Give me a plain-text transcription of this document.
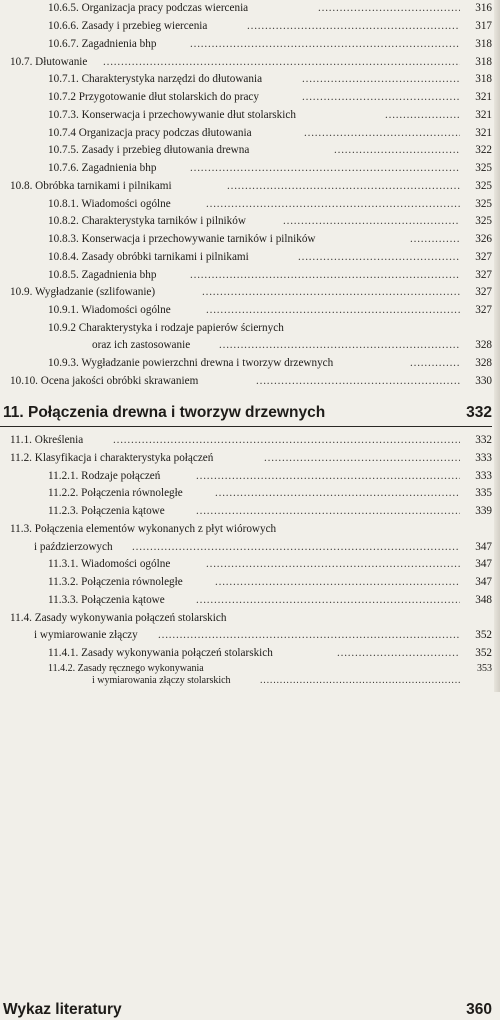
10.6.5. Organizacja pracy podczas wiercenia .....	316
10.6.6. Zasady i przebieg wiercenia .....	317
10.6.7. Zagadnienia bhp .....	318
10.7. Dłutowanie .....	318
10.7.1. Charakterystyka narzędzi do dłutowania .....	318
10.7.2 Przygotowanie dłut stolarskich do pracy .....	321
10.7.3. Konserwacja i przechowywanie dłut stolarskich .....	321
10.7.4 Organizacja pracy podczas dłutowania .....	321
10.7.5. Zasady i przebieg dłutowania drewna .....	322
10.7.6. Zagadnienia bhp .....	325
10.8. Obróbka tarnikami i pilnikami .....	325
10.8.1. Wiadomości ogólne .....	325
10.8.2. Charakterystyka tarników i pilników .....	325
10.8.3. Konserwacja i przechowywanie tarników i pilników .....	326
10.8.4. Zasady obróbki tarnikami i pilnikami .....	327
10.8.5. Zagadnienia bhp .....	327
10.9. Wygładzanie (szlifowanie) .....	327
10.9.1. Wiadomości ogólne .....	327
10.9.2 Charakterystyka i rodzaje papierów ściernych
oraz ich zastosowanie .....	328
10.9.3. Wygładzanie powierzchni drewna i tworzyw drzewnych .....	328
10.10. Ocena jakości obróbki skrawaniem .....	330
11. Połączenia drewna i tworzyw drzewnych	332
11.1. Określenia .....	332
11.2. Klasyfikacja i charakterystyka połączeń .....	333
11.2.1. Rodzaje połączeń .....	333
11.2.2. Połączenia równoległe .....	335
11.2.3. Połączenia kątowe .....	339
11.3. Połączenia elementów wykonanych z płyt wiórowych
i paździerzowych .....	347
11.3.1. Wiadomości ogólne .....	347
11.3.2. Połączenia równoległe .....	347
11.3.3. Połączenia kątowe .....	348
11.4. Zasady wykonywania połączeń stolarskich
i wymiarowanie złączy .....	352
11.4.1. Zasady wykonywania połączeń stolarskich .....	352
11.4.2. Zasady ręcznego wykonywania	353
i wymiarowania złączy stolarskich
.....
Wykaz literatury	360
